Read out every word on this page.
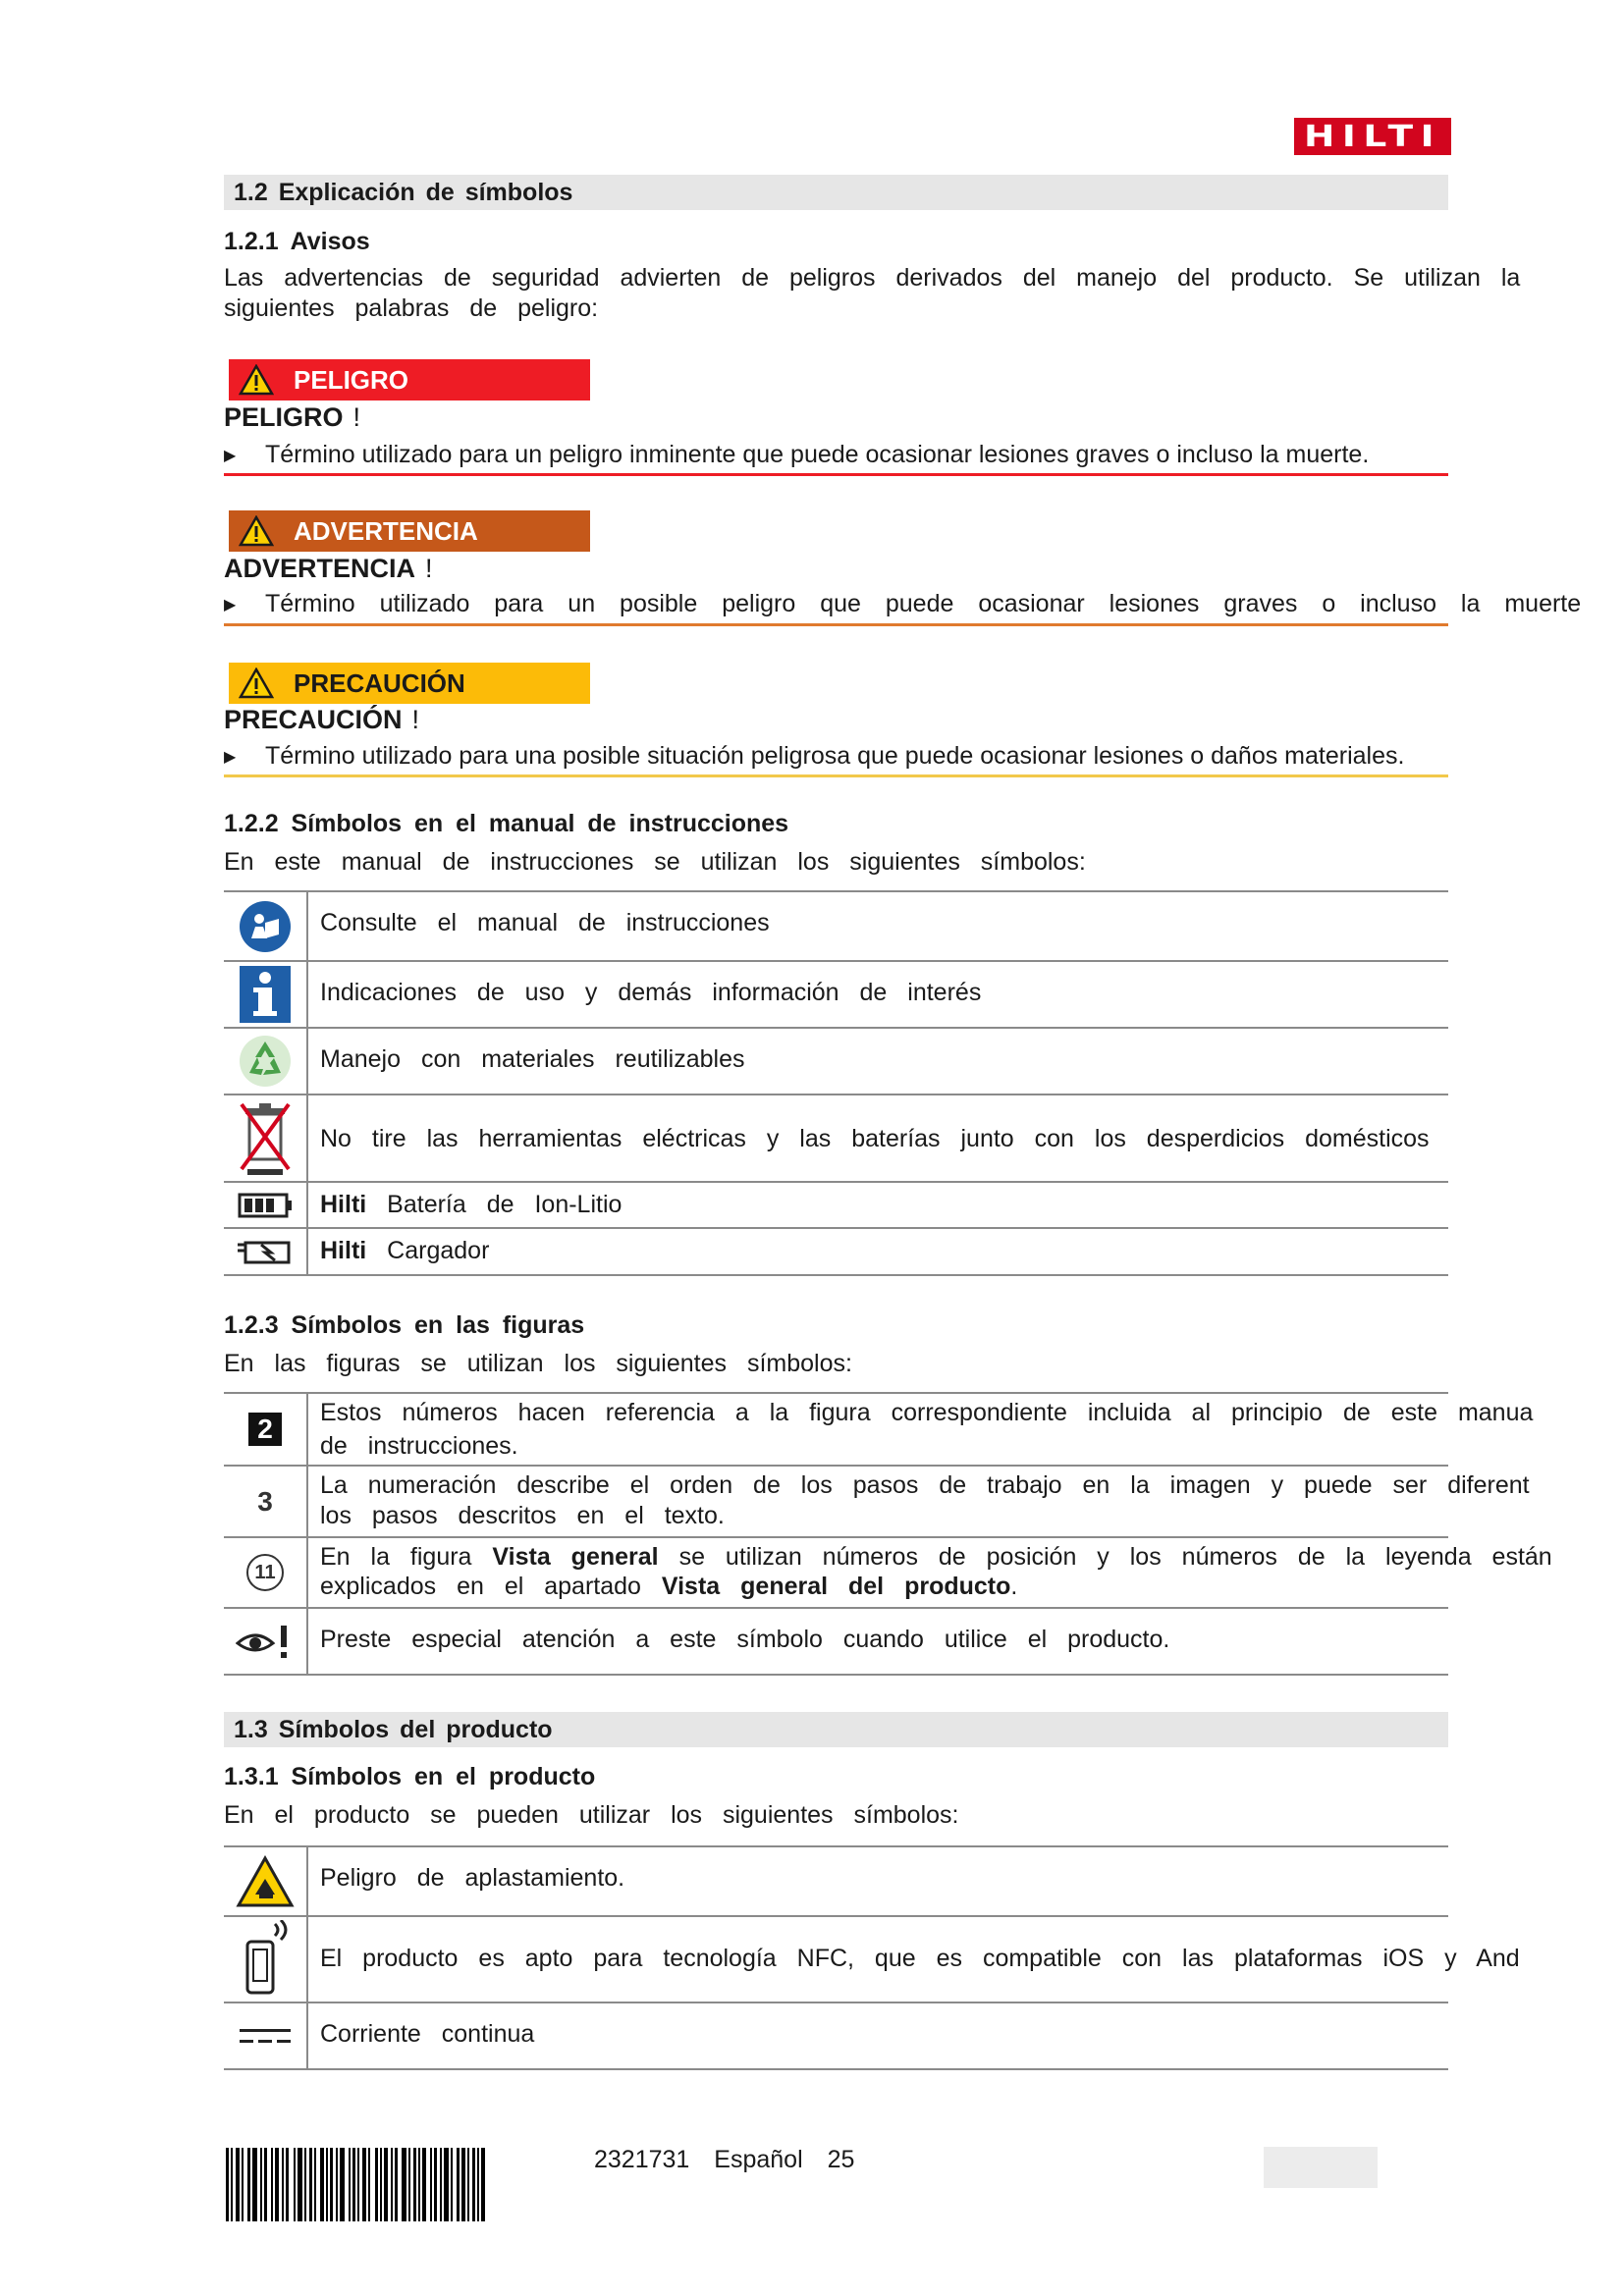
HILTI
1.2 Explicación de símbolos
1.2.1 Avisos
Las advertencias de seguridad advierten de peligros derivados del manejo del producto. Se utilizan la
siguientes palabras de peligro:
PELIGRO
PELIGRO !
▶ Término utilizado para un peligro inminente que puede ocasionar lesiones graves o incluso la muerte.
ADVERTENCIA
ADVERTENCIA !
▶ Término utilizado para un posible peligro que puede ocasionar lesiones graves o incluso la muerte
PRECAUCIÓN
PRECAUCIÓN !
▶ Término utilizado para una posible situación peligrosa que puede ocasionar lesiones o daños materiales.
1.2.2 Símbolos en el manual de instrucciones
En este manual de instrucciones se utilizan los siguientes símbolos:
Consulte el manual de instrucciones
Indicaciones de uso y demás información de interés
Manejo con materiales reutilizables
No tire las herramientas eléctricas y las baterías junto con los desperdicios domésticos
Hilti Batería de Ion-Litio
Hilti Cargador
1.2.3 Símbolos en las figuras
En las figuras se utilizan los siguientes símbolos:
2
Estos números hacen referencia a la figura correspondiente incluida al principio de este manua
de instrucciones.
3
La numeración describe el orden de los pasos de trabajo en la imagen y puede ser diferent
los pasos descritos en el texto.
11
En la figura Vista general se utilizan números de posición y los números de la leyenda están
explicados en el apartado Vista general del producto.
Preste especial atención a este símbolo cuando utilice el producto.
1.3 Símbolos del producto
1.3.1 Símbolos en el producto
En el producto se pueden utilizar los siguientes símbolos:
Peligro de aplastamiento.
El producto es apto para tecnología NFC, que es compatible con las plataformas iOS y And
Corriente continua
2321731 Español 25
